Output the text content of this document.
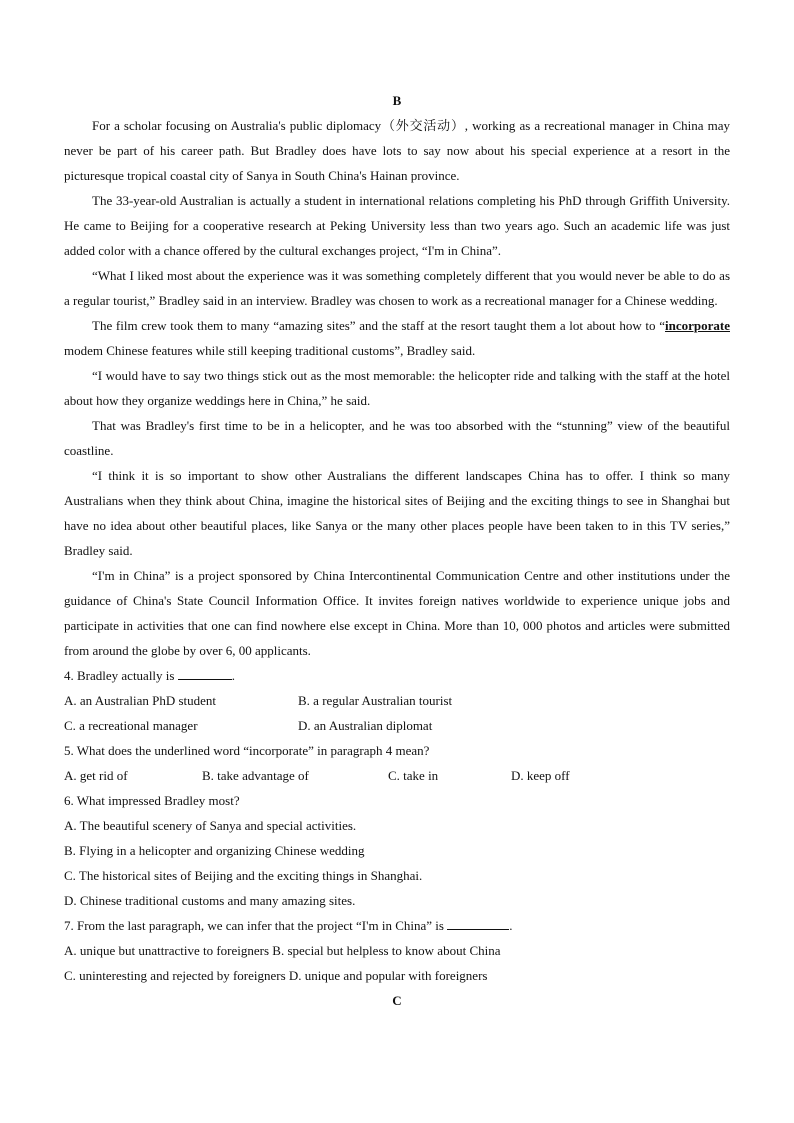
B

For a scholar focusing on Australia's public diplomacy（外交活动）, working as a recreational manager in China may never be part of his career path. But Bradley does have lots to say now about his special experience at a resort in the picturesque tropical coastal city of Sanya in South China's Hainan province.

The 33-year-old Australian is actually a student in international relations completing his PhD through Griffith University. He came to Beijing for a cooperative research at Peking University less than two years ago. Such an academic life was just added color with a chance offered by the cultural exchanges project, “I'm in China”.

“What I liked most about the experience was it was something completely different that you would never be able to do as a regular tourist,” Bradley said in an interview. Bradley was chosen to work as a recreational manager for a Chinese wedding.

The film crew took them to many “amazing sites” and the staff at the resort taught them a lot about how to “incorporate modem Chinese features while still keeping traditional customs”, Bradley said.

“I would have to say two things stick out as the most memorable: the helicopter ride and talking with the staff at the hotel about how they organize weddings here in China,” he said.

That was Bradley's first time to be in a helicopter, and he was too absorbed with the “stunning” view of the beautiful coastline.

“I think it is so important to show other Australians the different landscapes China has to offer. I think so many Australians when they think about China, imagine the historical sites of Beijing and the exciting things to see in Shanghai but have no idea about other beautiful places, like Sanya or the many other places people have been taken to in this TV series,” Bradley said.

“I'm in China” is a project sponsored by China Intercontinental Communication Centre and other institutions under the guidance of China's State Council Information Office. It invites foreign natives worldwide to experience unique jobs and participate in activities that one can find nowhere else except in China. More than 10, 000 photos and articles were submitted from around the globe by over 6, 00 applicants.

4. Bradley actually is	.

A. an Australian PhD student	B. a regular Australian tourist
C. a recreational manager	D. an Australian diplomat

5. What does the underlined word “incorporate” in paragraph 4 mean?

A. get rid of	B. take advantage of	C. take in	D. keep off

6. What impressed Bradley most?

A. The beautiful scenery of Sanya and special activities.

B. Flying in a helicopter and organizing Chinese wedding

C. The historical sites of Beijing and the exciting things in Shanghai.

D. Chinese traditional customs and many amazing sites.

7. From the last paragraph, we can infer that the project “I'm in China” is	.

A. unique but unattractive to foreigners B. special but helpless to know about China

C. uninteresting and rejected by foreigners D. unique and popular with foreigners

C
